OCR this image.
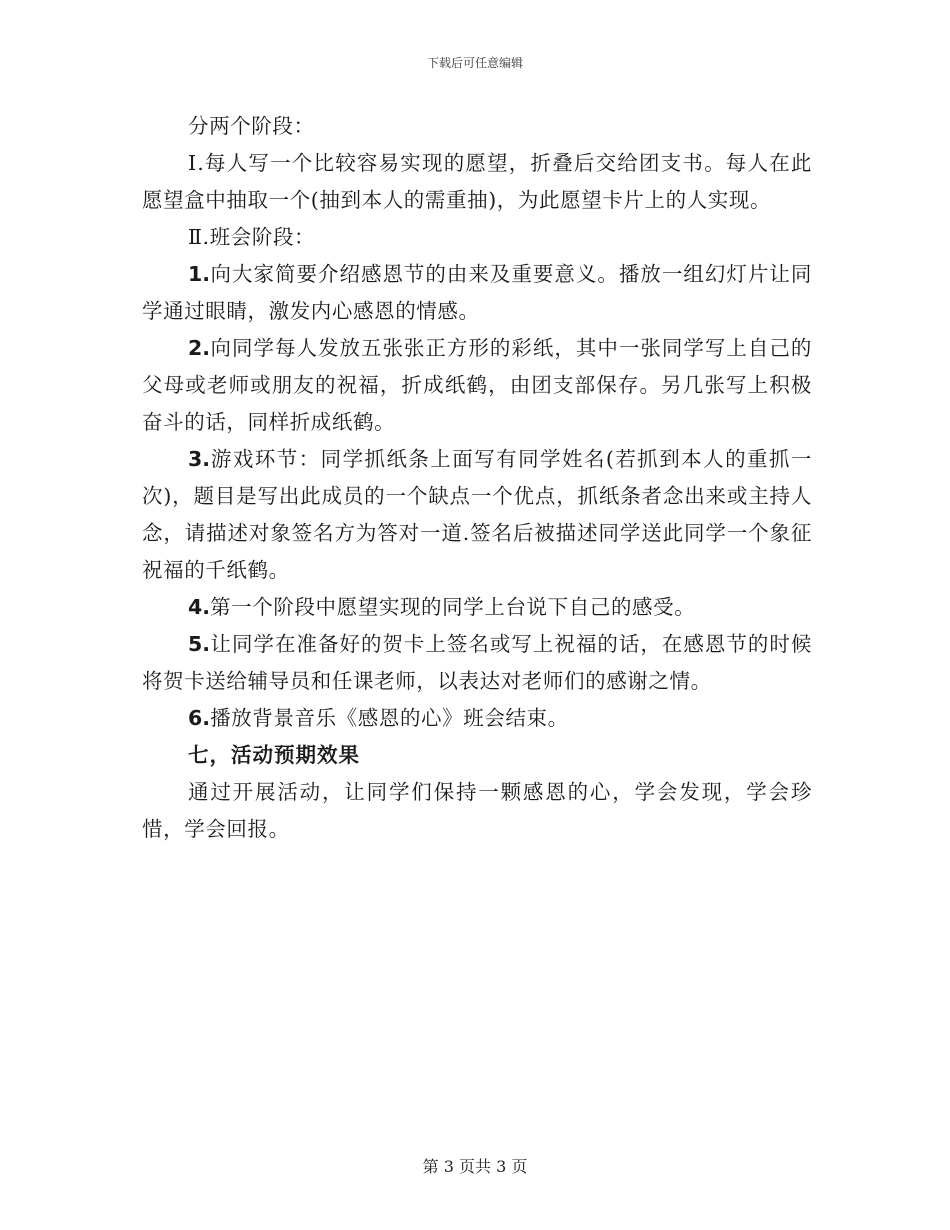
下载后可任意编辑

分两个阶段：

Ⅰ.每人写一个比较容易实现的愿望，折叠后交给团支书。每人在此愿望盒中抽取一个(抽到本人的需重抽)，为此愿望卡片上的人实现。

Ⅱ.班会阶段：

1.向大家简要介绍感恩节的由来及重要意义。播放一组幻灯片让同学通过眼睛，激发内心感恩的情感。

2.向同学每人发放五张张正方形的彩纸，其中一张同学写上自己的父母或老师或朋友的祝福，折成纸鹤，由团支部保存。另几张写上积极奋斗的话，同样折成纸鹤。

3.游戏环节：同学抓纸条上面写有同学姓名(若抓到本人的重抓一次)，题目是写出此成员的一个缺点一个优点，抓纸条者念出来或主持人念，请描述对象签名方为答对一道.签名后被描述同学送此同学一个象征祝福的千纸鹤。

4.第一个阶段中愿望实现的同学上台说下自己的感受。

5.让同学在准备好的贺卡上签名或写上祝福的话，在感恩节的时候将贺卡送给辅导员和任课老师，以表达对老师们的感谢之情。

6.播放背景音乐《感恩的心》班会结束。

七，活动预期效果

通过开展活动，让同学们保持一颗感恩的心，学会发现，学会珍惜，学会回报。

第 3 页共 3 页
